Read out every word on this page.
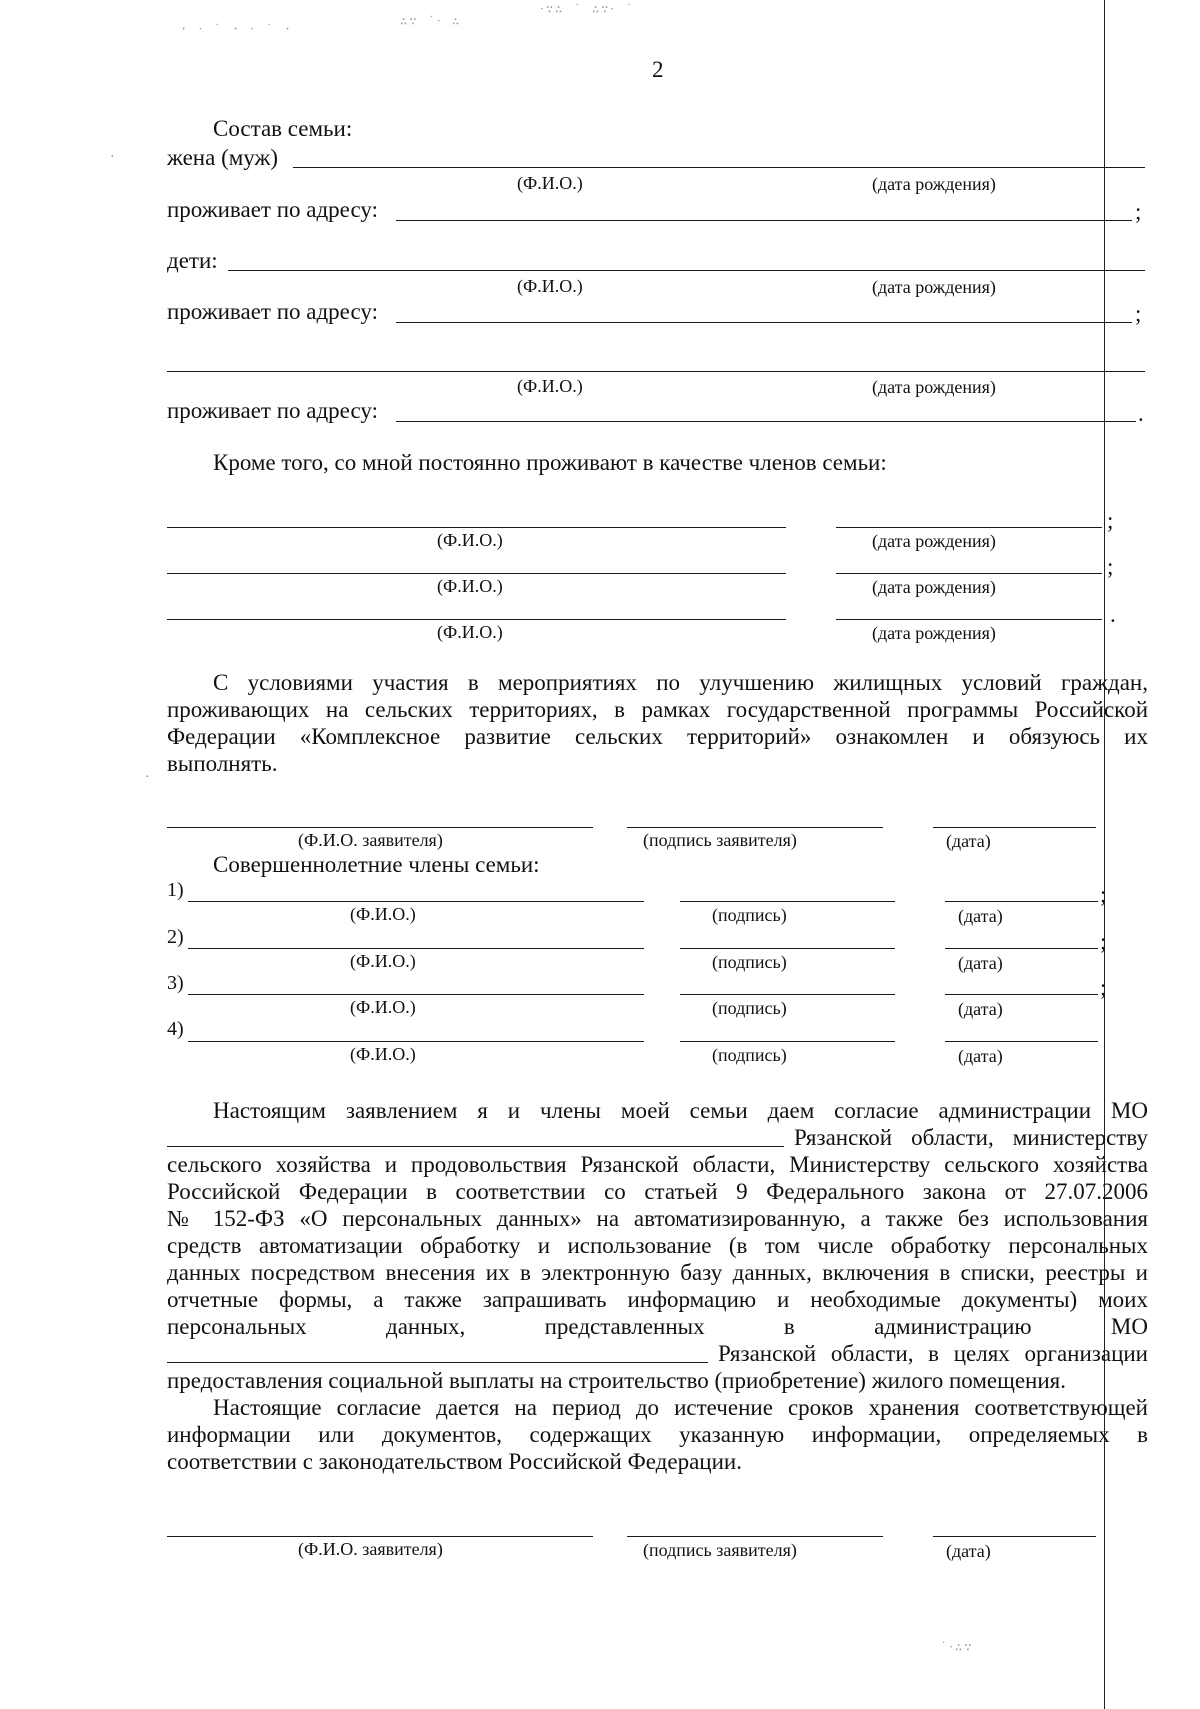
· ‧ ˙ · ‧ ˙ ·
∴∵ ˙‧ ∴
‧∵∴ ˙ ∴∵‧ ˙
˙‧∴∵
·
·
2
Состав семьи:
жена (муж)
(Ф.И.О.)	(дата рождения)
проживает по адресу:	;
дети:
(Ф.И.О.)	(дата рождения)
проживает по адресу:	;
(Ф.И.О.)	(дата рождения)
проживает по адресу:	.
Кроме того, со мной постоянно проживают в качестве членов семьи:
;
(Ф.И.О.)	(дата рождения)
;
(Ф.И.О.)	(дата рождения)
.
(Ф.И.О.)	(дата рождения)
С условиями участия в мероприятиях по улучшению жилищных условий граждан,
проживающих на сельских территориях, в рамках государственной программы Российской
Федерации «Комплексное развитие сельских территорий» ознакомлен и обязуюсь их
выполнять.
(Ф.И.О. заявителя)	(подпись заявителя)	(дата)
Совершеннолетние члены семьи:
1)	;
(Ф.И.О.)	(подпись)	(дата)
2)	;
(Ф.И.О.)	(подпись)	(дата)
3)	;
(Ф.И.О.)	(подпись)	(дата)
4)
(Ф.И.О.)	(подпись)	(дата)
Настоящим заявлением я и члены моей семьи даем согласие администрации МО
Рязанской области, министерству
сельского хозяйства и продовольствия Рязанской области, Министерству сельского хозяйства
Российской Федерации в соответствии со статьей 9 Федерального закона от 27.07.2006
№ 152-ФЗ «О персональных данных» на автоматизированную, а также без использования
средств автоматизации обработку и использование (в том числе обработку персональных
данных посредством внесения их в электронную базу данных, включения в списки, реестры и
отчетные формы, а также запрашивать информацию и необходимые документы) моих
персональных данных, представленных в администрацию МО
Рязанской области, в целях организации
предоставления социальной выплаты на строительство (приобретение) жилого помещения.
Настоящие согласие дается на период до истечение сроков хранения соответствующей
информации или документов, содержащих указанную информации, определяемых в
соответствии с законодательством Российской Федерации.
(Ф.И.О. заявителя)	(подпись заявителя)	(дата)
